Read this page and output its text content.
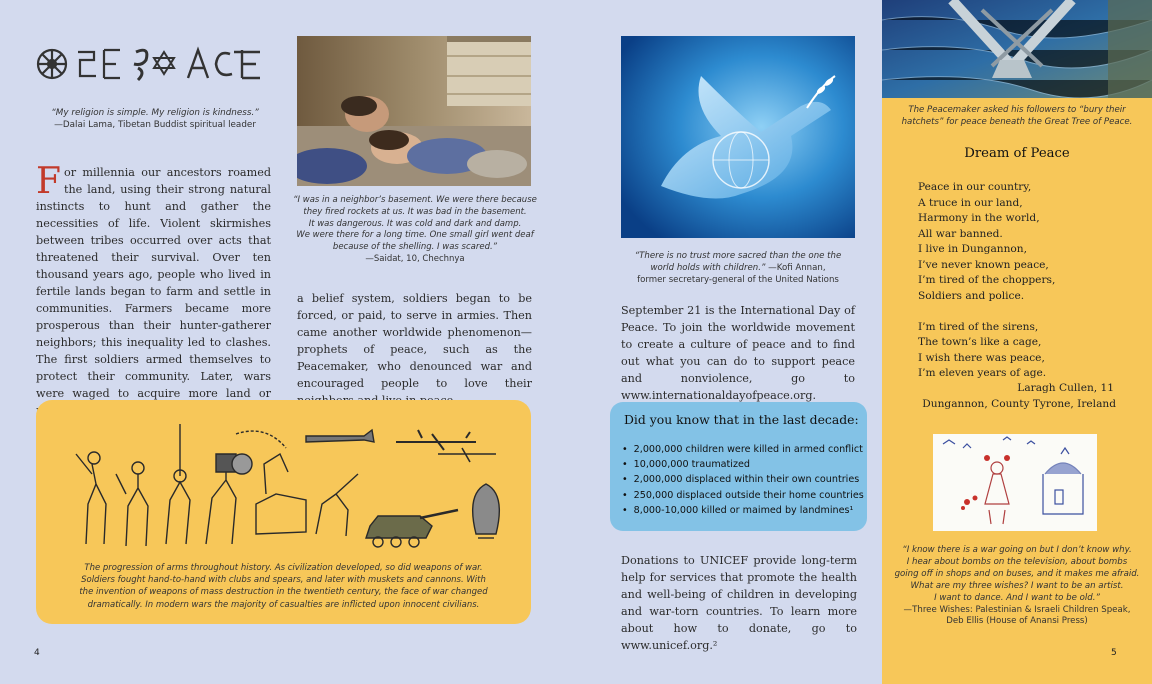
“My religion is simple. My religion is kindness.”
—Dalai Lama, Tibetan Buddist spiritual leader
“I was in a neighbor’s basement. We were there because
they fired rockets at us. It was bad in the basement.
It was dangerous. It was cold and dark and damp.
We were there for a long time. One small girl went deaf
because of the shelling. I was scared.”
—Saidat, 10, Chechnya
For millennia our ancestors roamed the land, using their strong natural instincts to hunt and gather the necessities of life. Violent skirmishes between tribes occurred over acts that threatened their survival. Over ten thousand years ago, people who lived in fertile lands began to farm and settle in communities. Farmers became more prosperous than their hunter-gatherer neighbors; this inequality led to clashes. The first soldiers armed themselves to protect their community. Later, wars were waged to acquire more land or
a belief system, soldiers began to be forced, or paid, to serve in armies. Then came another worldwide phenomenon—prophets of peace, such as the Peacemaker, who denounced war and encouraged people to love their
The progression of arms throughout history. As civilization developed, so did weapons of war.
Soldiers fought hand-to-hand with clubs and spears, and later with muskets and cannons. With
the invention of weapons of mass destruction in the twentieth century, the face of war changed
dramatically. In modern wars the majority of casualties are inflicted upon innocent civilians.
4
“There is no trust more sacred than the one the
world holds with children.” —Kofi Annan,
former secretary-general of the United Nations
September 21 is the International Day of Peace. To join the worldwide movement to create a culture of peace and to find out what you can do to support peace and nonviolence, go to www.internationaldayofpeace.org.
Did you know that in the last decade:
• 2,000,000 children were killed in armed conflict
• 10,000,000 traumatized
• 2,000,000 displaced within their own countries
• 250,000 displaced outside their home countries
• 8,000-10,000 killed or maimed by landmines¹
Donations to UNICEF provide long-term help for services that promote the health and well-being of children in developing and war-torn countries. To learn more about how to donate, go to www.unicef.org.²
The Peacemaker asked his followers to “bury their
hatchets” for peace beneath the Great Tree of Peace.
Dream of Peace
Peace in our country,
A truce in our land,
Harmony in the world,
All war banned.
I live in Dungannon,
I’ve never known peace,
I’m tired of the choppers,
Soldiers and police.
I’m tired of the sirens,
The town’s like a cage,
I wish there was peace,
I’m eleven years of age.
Laragh Cullen, 11
Dungannon, County Tyrone, Ireland
“I know there is a war going on but I don’t know why.
I hear about bombs on the television, about bombs
going off in shops and on buses, and it makes me afraid.
What are my three wishes? I want to be an artist.
I want to dance. And I want to be old.”
—Three Wishes: Palestinian & Israeli Children Speak,
Deb Ellis (House of Anansi Press)
5
